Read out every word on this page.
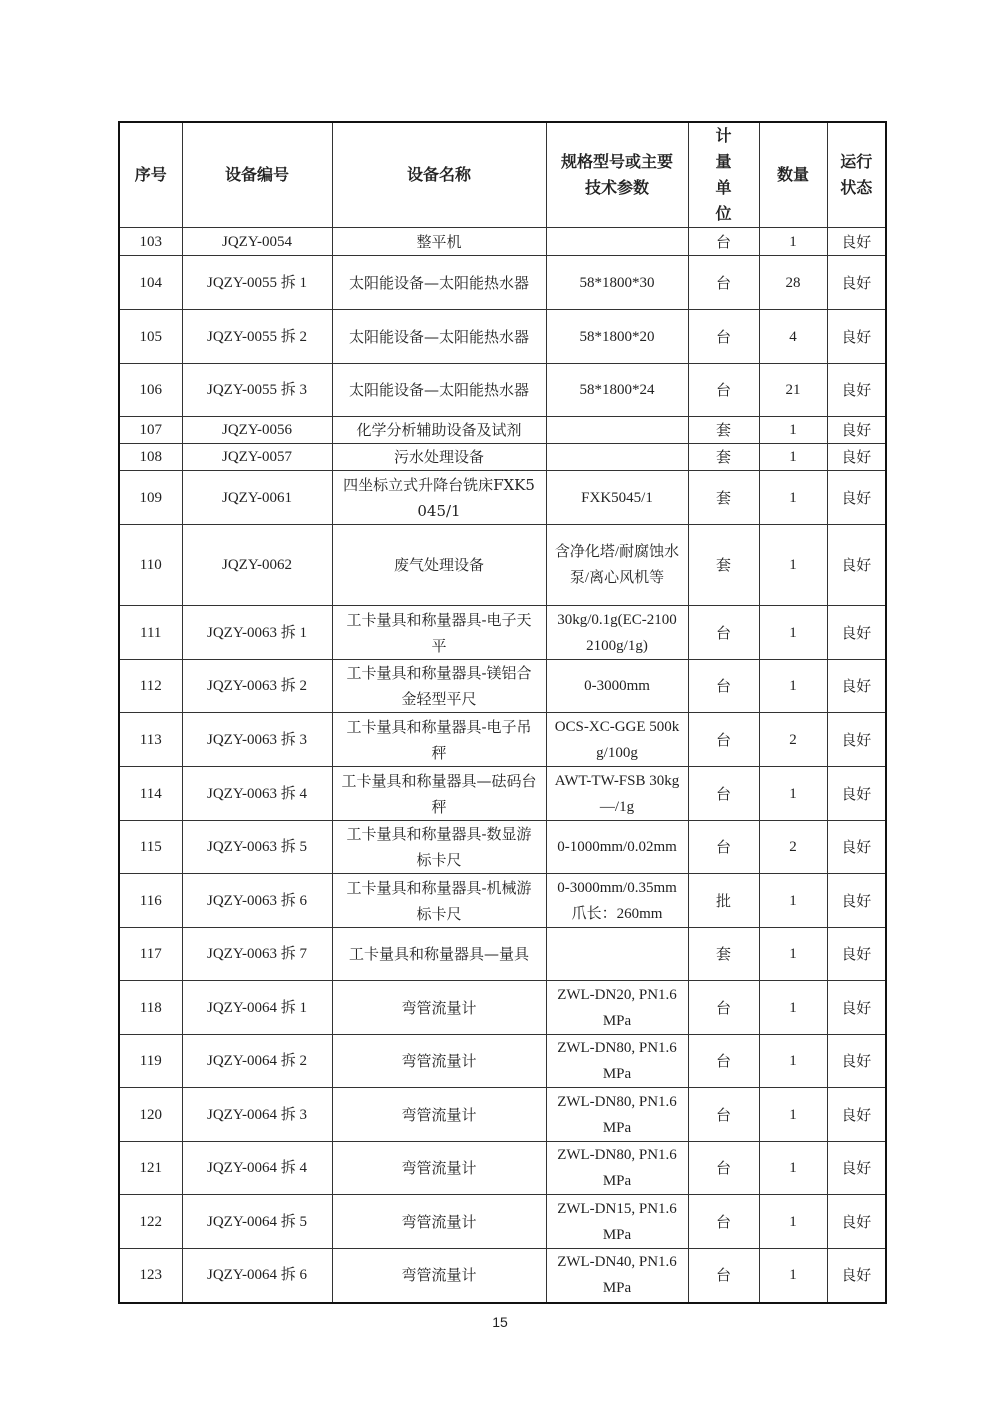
序号	设备编号	设备名称	规格型号或主要技术参数	计量单位	数量	运行状态
103	JQZY-0054	整平机		台	1	良好
104	JQZY-0055 拆 1	太阳能设备—太阳能热水器	58*1800*30	台	28	良好
105	JQZY-0055 拆 2	太阳能设备—太阳能热水器	58*1800*20	台	4	良好
106	JQZY-0055 拆 3	太阳能设备—太阳能热水器	58*1800*24	台	21	良好
107	JQZY-0056	化学分析辅助设备及试剂		套	1	良好
108	JQZY-0057	污水处理设备		套	1	良好
109	JQZY-0061	四坐标立式升降台铣床FXK5045/1	FXK5045/1	套	1	良好
110	JQZY-0062	废气处理设备	含净化塔/耐腐蚀水泵/离心风机等	套	1	良好
111	JQZY-0063 拆 1	工卡量具和称量器具-电子天平	30kg/0.1g(EC-2100 2100g/1g)	台	1	良好
112	JQZY-0063 拆 2	工卡量具和称量器具-镁铝合金轻型平尺	0-3000mm	台	1	良好
113	JQZY-0063 拆 3	工卡量具和称量器具-电子吊秤	OCS-XC-GGE 500kg/100g	台	2	良好
114	JQZY-0063 拆 4	工卡量具和称量器具—砝码台秤	AWT-TW-FSB 30kg —/1g	台	1	良好
115	JQZY-0063 拆 5	工卡量具和称量器具-数显游标卡尺	0-1000mm/0.02mm	台	2	良好
116	JQZY-0063 拆 6	工卡量具和称量器具-机械游标卡尺	0-3000mm/0.35mm 爪长：260mm	批	1	良好
117	JQZY-0063 拆 7	工卡量具和称量器具—量具		套	1	良好
118	JQZY-0064 拆 1	弯管流量计	ZWL-DN20, PN1.6MPa	台	1	良好
119	JQZY-0064 拆 2	弯管流量计	ZWL-DN80, PN1.6MPa	台	1	良好
120	JQZY-0064 拆 3	弯管流量计	ZWL-DN80, PN1.6MPa	台	1	良好
121	JQZY-0064 拆 4	弯管流量计	ZWL-DN80, PN1.6MPa	台	1	良好
122	JQZY-0064 拆 5	弯管流量计	ZWL-DN15, PN1.6MPa	台	1	良好
123	JQZY-0064 拆 6	弯管流量计	ZWL-DN40, PN1.6MPa	台	1	良好
15
